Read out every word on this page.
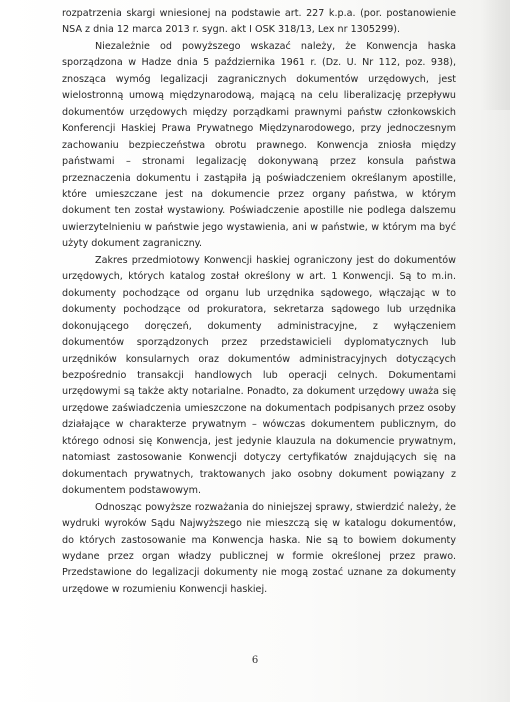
rozpatrzenia skargi wniesionej na podstawie art. 227 k.p.a. (por. postanowienie NSA z dnia 12 marca 2013 r. sygn. akt I OSK 318/13, Lex nr 1305299).

Niezależnie od powyższego wskazać należy, że Konwencja haska sporządzona w Hadze dnia 5 października 1961 r. (Dz. U. Nr 112, poz. 938), znosząca wymóg legalizacji zagranicznych dokumentów urzędowych, jest wielostronną umową międzynarodową, mającą na celu liberalizację przepływu dokumentów urzędowych między porządkami prawnymi państw członkowskich Konferencji Haskiej Prawa Prywatnego Międzynarodowego, przy jednoczesnym zachowaniu bezpieczeństwa obrotu prawnego. Konwencja zniosła między państwami – stronami legalizację dokonywaną przez konsula państwa przeznaczenia dokumentu i zastąpiła ją poświadczeniem określanym apostille, które umieszczane jest na dokumencie przez organy państwa, w którym dokument ten został wystawiony. Poświadczenie apostille nie podlega dalszemu uwierzytelnieniu w państwie jego wystawienia, ani w państwie, w którym ma być użyty dokument zagraniczny.

Zakres przedmiotowy Konwencji haskiej ograniczony jest do dokumentów urzędowych, których katalog został określony w art. 1 Konwencji. Są to m.in. dokumenty pochodzące od organu lub urzędnika sądowego, włączając w to dokumenty pochodzące od prokuratora, sekretarza sądowego lub urzędnika dokonującego doręczeń, dokumenty administracyjne, z wyłączeniem dokumentów sporządzonych przez przedstawicieli dyplomatycznych lub urzędników konsularnych oraz dokumentów administracyjnych dotyczących bezpośrednio transakcji handlowych lub operacji celnych. Dokumentami urzędowymi są także akty notarialne. Ponadto, za dokument urzędowy uważa się urzędowe zaświadczenia umieszczone na dokumentach podpisanych przez osoby działające w charakterze prywatnym – wówczas dokumentem publicznym, do którego odnosi się Konwencja, jest jedynie klauzula na dokumencie prywatnym, natomiast zastosowanie Konwencji dotyczy certyfikatów znajdujących się na dokumentach prywatnych, traktowanych jako osobny dokument powiązany z dokumentem podstawowym.

Odnosząc powyższe rozważania do niniejszej sprawy, stwierdzić należy, że wydruki wyroków Sądu Najwyższego nie mieszczą się w katalogu dokumentów, do których zastosowanie ma Konwencja haska. Nie są to bowiem dokumenty wydane przez organ władzy publicznej w formie określonej przez prawo. Przedstawione do legalizacji dokumenty nie mogą zostać uznane za dokumenty urzędowe w rozumieniu Konwencji haskiej.

6
